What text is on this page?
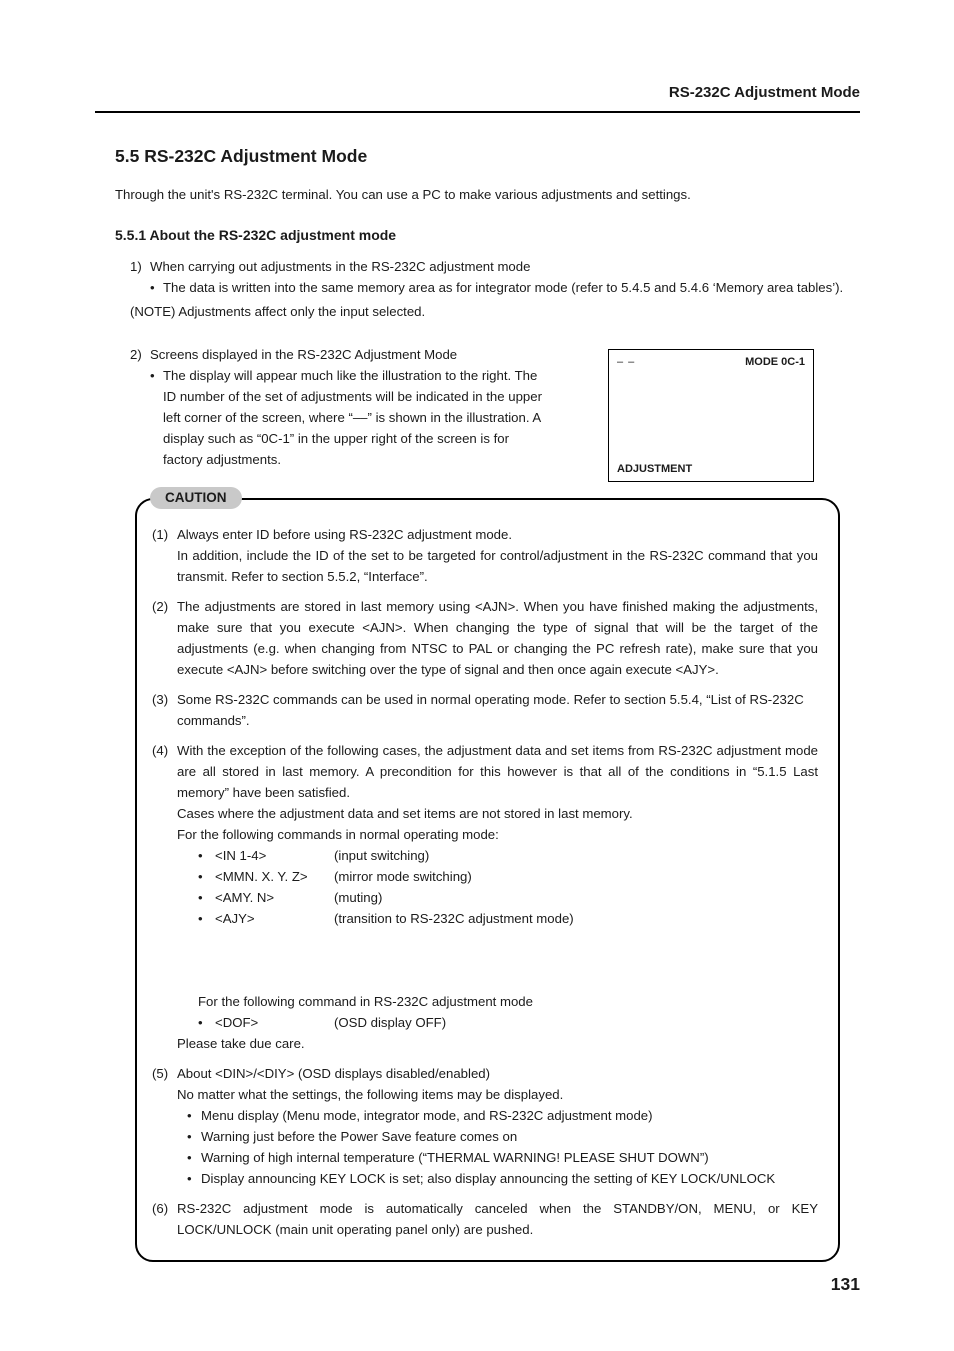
RS-232C Adjustment Mode
5.5 RS-232C Adjustment Mode

Through the unit's RS-232C terminal. You can use a PC to make various adjustments and settings.

5.5.1 About the RS-232C adjustment mode
1) When carrying out adjustments in the RS-232C adjustment mode
• The data is written into the same memory area as for integrator mode (refer to 5.4.5 and 5.4.6 ‘Memory area tables’).

(NOTE) Adjustments affect only the input selected.

2) Screens displayed in the RS-232C Adjustment Mode
• The display will appear much like the illustration to the right. The ID number of the set of adjustments will be indicated in the upper left corner of the screen, where “––” is shown in the illustration. A display such as “0C-1” in the upper right of the screen is for factory adjustments.
– –	MODE 0C-1
ADJUSTMENT
CAUTION
(1) Always enter ID before using RS-232C adjustment mode.
In addition, include the ID of the set to be targeted for control/adjustment in the RS-232C command that you transmit. Refer to section 5.5.2, “Interface”.
(2) The adjustments are stored in last memory using <AJN>. When you have finished making the adjustments, make sure that you execute <AJN>. When changing the type of signal that will be the target of the adjustments (e.g. when changing from NTSC to PAL or changing the PC refresh rate), make sure that you execute <AJN> before switching over the type of signal and then once again execute <AJY>.
(3) Some RS-232C commands can be used in normal operating mode. Refer to section 5.5.4, “List of RS-232C commands”.
(4) With the exception of the following cases, the adjustment data and set items from RS-232C adjustment mode are all stored in last memory. A precondition for this however is that all of the conditions in “5.1.5 Last memory” have been satisfied.
Cases where the adjustment data and set items are not stored in last memory.
For the following commands in normal operating mode:
• <IN 1-4>	(input switching)
• <MMN. X. Y. Z>	(mirror mode switching)
• <AMY. N>	(muting)
• <AJY>	(transition to RS-232C adjustment mode)
For the following command in RS-232C adjustment mode
• <DOF>	(OSD display OFF)
Please take due care.
(5) About <DIN>/<DIY> (OSD displays disabled/enabled)
No matter what the settings, the following items may be displayed.
• Menu display (Menu mode, integrator mode, and RS-232C adjustment mode)
• Warning just before the Power Save feature comes on
• Warning of high internal temperature (“THERMAL WARNING! PLEASE SHUT DOWN”)
• Display announcing KEY LOCK is set; also display announcing the setting of KEY LOCK/UNLOCK
(6) RS-232C adjustment mode is automatically canceled when the STANDBY/ON, MENU, or KEY LOCK/UNLOCK (main unit operating panel only) are pushed.
131
